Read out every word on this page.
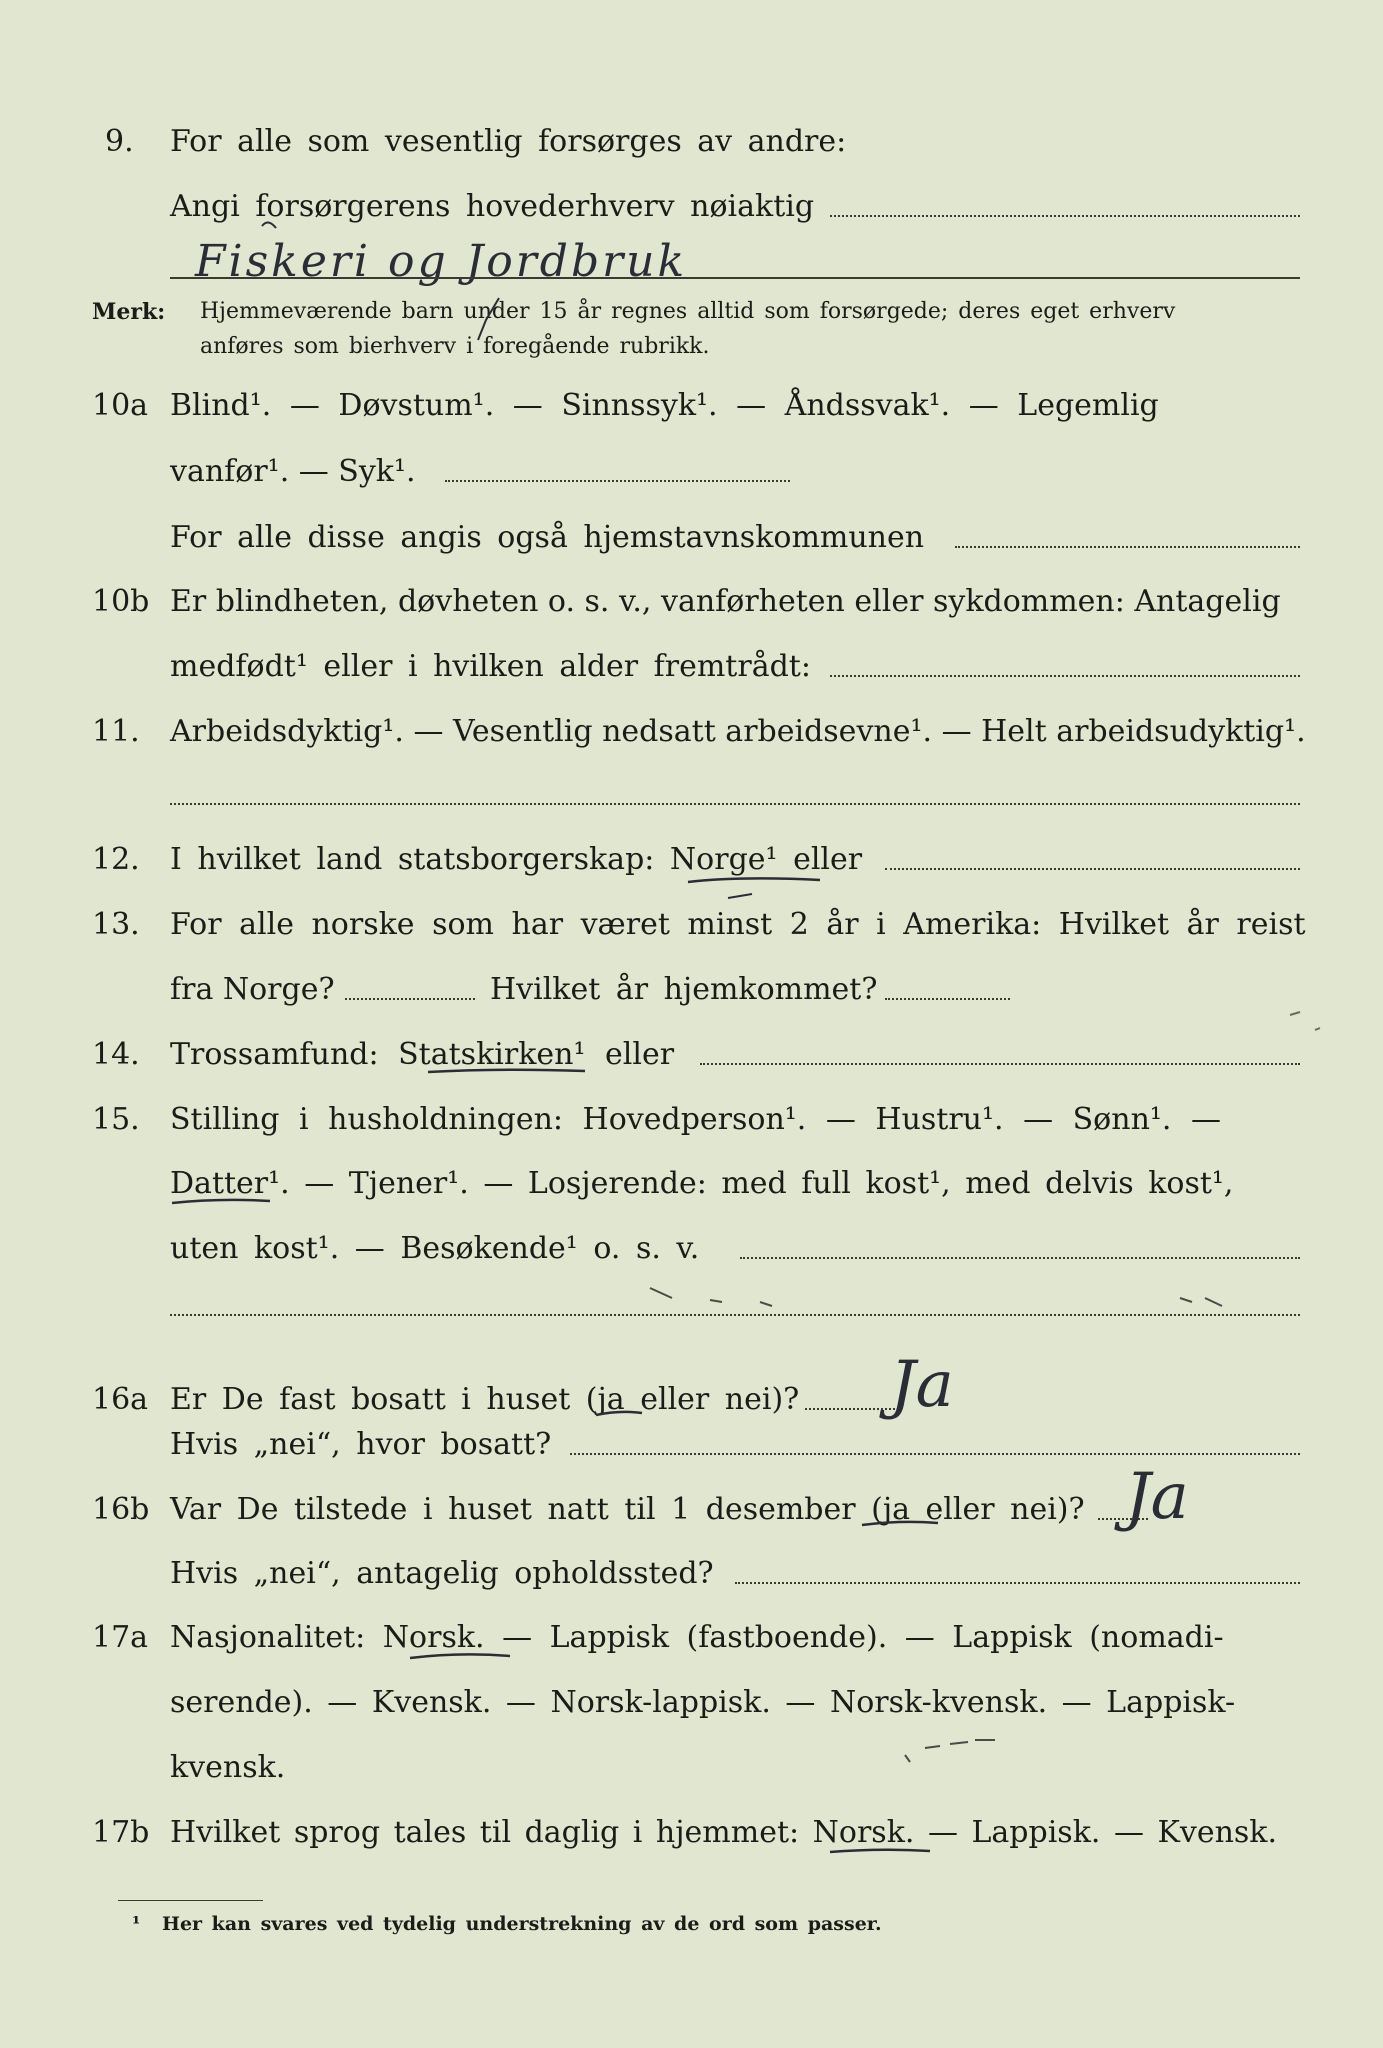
9. For alle som vesentlig forsørges av andre:
Angi forsørgerens hovederhverv nøiaktig
Fiskeri og Jordbruk
Merk: Hjemmeværende barn under 15 år regnes alltid som forsørgede; deres eget erhverv
anføres som bierhverv i foregående rubrikk.
10a Blind¹. — Døvstum¹. — Sinnssyk¹. — Åndssvak¹. — Legemlig
vanfør¹. — Syk¹.
For alle disse angis også hjemstavnskommunen
10b Er blindheten, døvheten o. s. v., vanførheten eller sykdommen: Antagelig
medfødt¹ eller i hvilken alder fremtrådt:
11. Arbeidsdyktig¹. — Vesentlig nedsatt arbeidsevne¹. — Helt arbeidsudyktig¹.
12. I hvilket land statsborgerskap: Norge¹ eller
13. For alle norske som har været minst 2 år i Amerika: Hvilket år reist
fra Norge?	Hvilket år hjemkommet?
14. Trossamfund: Statskirken¹ eller
15. Stilling i husholdningen: Hovedperson¹. — Hustru¹. — Sønn¹. —
Datter¹. — Tjener¹. — Losjerende: med full kost¹, med delvis kost¹,
uten kost¹. — Besøkende¹ o. s. v.
16a Er De fast bosatt i huset (ja eller nei)? Ja
Hvis „nei“, hvor bosatt?
16b Var De tilstede i huset natt til 1 desember (ja eller nei)? Ja
Hvis „nei“, antagelig opholdssted?
17a Nasjonalitet: Norsk. — Lappisk (fastboende). — Lappisk (nomadi-
serende). — Kvensk. — Norsk-lappisk. — Norsk-kvensk. — Lappisk-
kvensk.
17b Hvilket sprog tales til daglig i hjemmet: Norsk. — Lappisk. — Kvensk.
¹ Her kan svares ved tydelig understrekning av de ord som passer.
